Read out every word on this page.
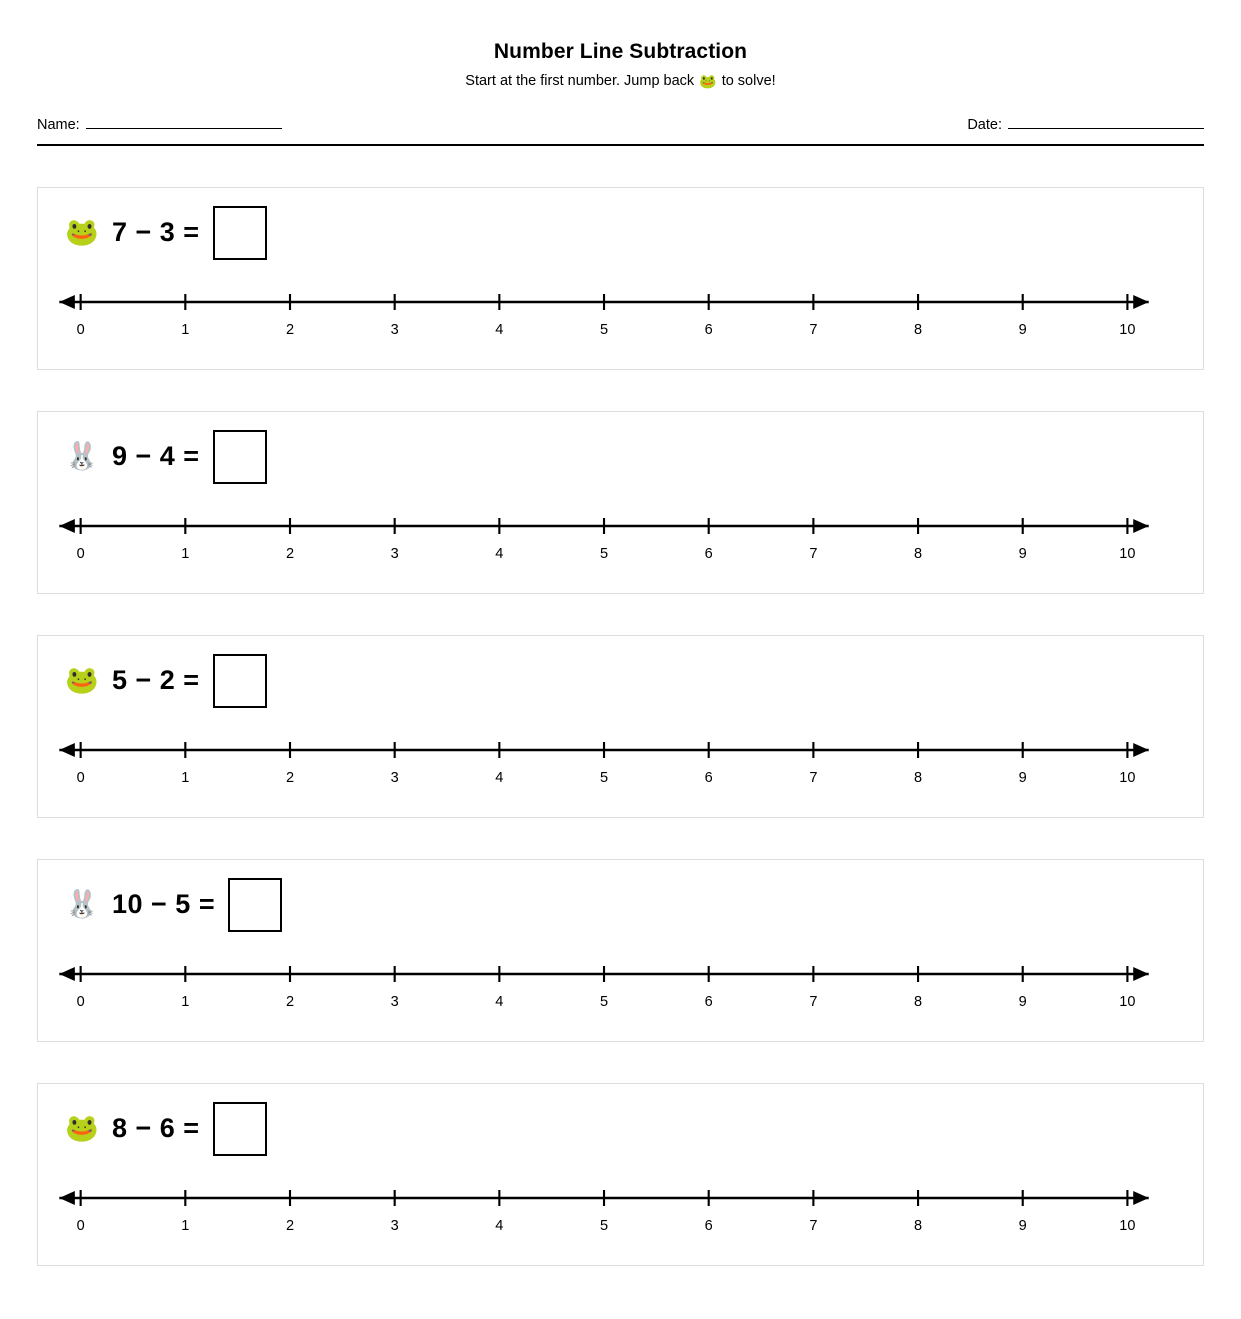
Number Line Subtraction

Start at the first number. Jump back 🐸 to solve!

Name:	Date:
🐸 7 − 3 =
0	1	2	3	4	5	6	7	8	9	10
🐰 9 − 4 =
0	1	2	3	4	5	6	7	8	9	10
🐸 5 − 2 =
0	1	2	3	4	5	6	7	8	9	10
🐰 10 − 5 =
0	1	2	3	4	5	6	7	8	9	10
🐸 8 − 6 =
0	1	2	3	4	5	6	7	8	9	10
